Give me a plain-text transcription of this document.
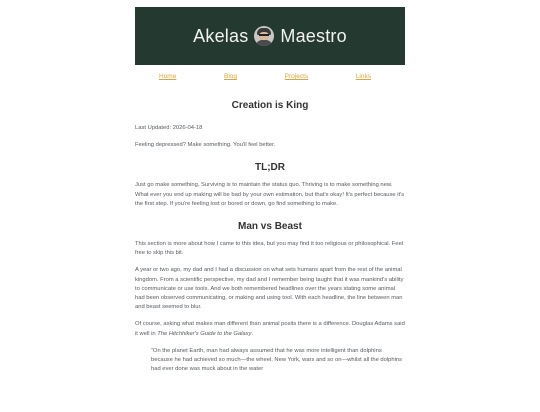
Akelas Maestro
Home	Blog	Projects	Links
Creation is King

Last Updated: 2026-04-18

Feeling depressed? Make something. You'll feel better.

TL;DR

Just go make something. Surviving is to maintain the status quo. Thriving is to make something new. What ever you end up making will be bad by your own estimation, but that's okay! It's perfect because it's the first step. If you're feeling lost or bored or down, go find something to make.

Man vs Beast

This section is more about how I came to this idea, but you may find it too religious or philosophical. Feel free to skip this bit.

A year or two ago, my dad and I had a discussion on what sets humans apart from the rest of the animal kingdom. From a scientific perspective, my dad and I remember being taught that it was mankind's ability to communicate or use tools. And we both remembered headlines over the years stating some animal had been observed communicating, or making and using tool. With each headline, the line between man and beast seemed to blur.

Of course, asking what makes man different than animal posits there is a difference. Douglas Adams said it well in The Hitchhiker's Guide to the Galaxy.

“On the planet Earth, man had always assumed that he was more intelligent than dolphins because he had achieved so much—the wheel, New York, wars and so on—whilst all the dolphins had ever done was muck about in the water
